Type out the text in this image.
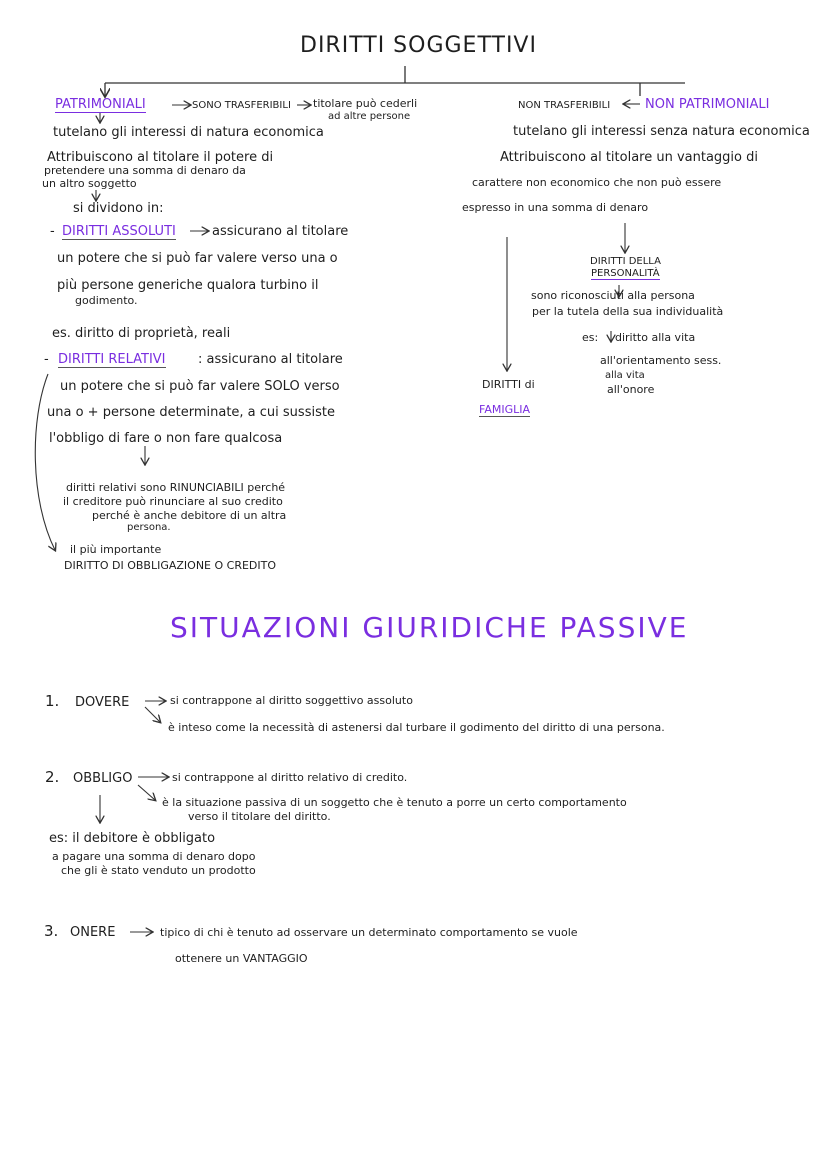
DIRITTI SOGGETTIVI
PATRIMONIALI	SONO TRASFERIBILI titolare può cederli
ad altre persone
tutelano gli interessi di natura economica
Attribuiscono al titolare il potere di
pretendere una somma di denaro da
un altro soggetto
si dividono in:
- DIRITTI ASSOLUTI	assicurano al titolare
un potere che si può far valere verso una o
più persone generiche qualora turbino il
godimento.
es. diritto di proprietà, reali
- DIRITTI RELATIVI : assicurano al titolare
un potere che si può far valere SOLO verso
una o + persone determinate, a cui sussiste
l'obbligo di fare o non fare qualcosa
diritti relativi sono RINUNCIABILI perché
il creditore può rinunciare al suo credito
perché è anche debitore di un altra
persona.
il più importante
DIRITTO DI OBBLIGAZIONE O CREDITO
NON TRASFERIBILI	NON PATRIMONIALI
tutelano gli interessi senza natura economica
Attribuiscono al titolare un vantaggio di
carattere non economico che non può essere
espresso in una somma di denaro
DIRITTI DELLA
PERSONALITÀ
sono riconosciuti alla persona
per la tutela della sua individualità
es: diritto alla vita
all'orientamento sess.
alla vita
all'onore
DIRITTI di
FAMIGLIA
SITUAZIONI GIURIDICHE PASSIVE
1. DOVERE	si contrappone al diritto soggettivo assoluto
è inteso come la necessità di astenersi dal turbare il godimento del diritto di una persona.
2. OBBLIGO	si contrappone al diritto relativo di credito.
è la situazione passiva di un soggetto che è tenuto a porre un certo comportamento
verso il titolare del diritto.
es: il debitore è obbligato
a pagare una somma di denaro dopo
che gli è stato venduto un prodotto
3. ONERE	tipico di chi è tenuto ad osservare un determinato comportamento se vuole
ottenere un VANTAGGIO
